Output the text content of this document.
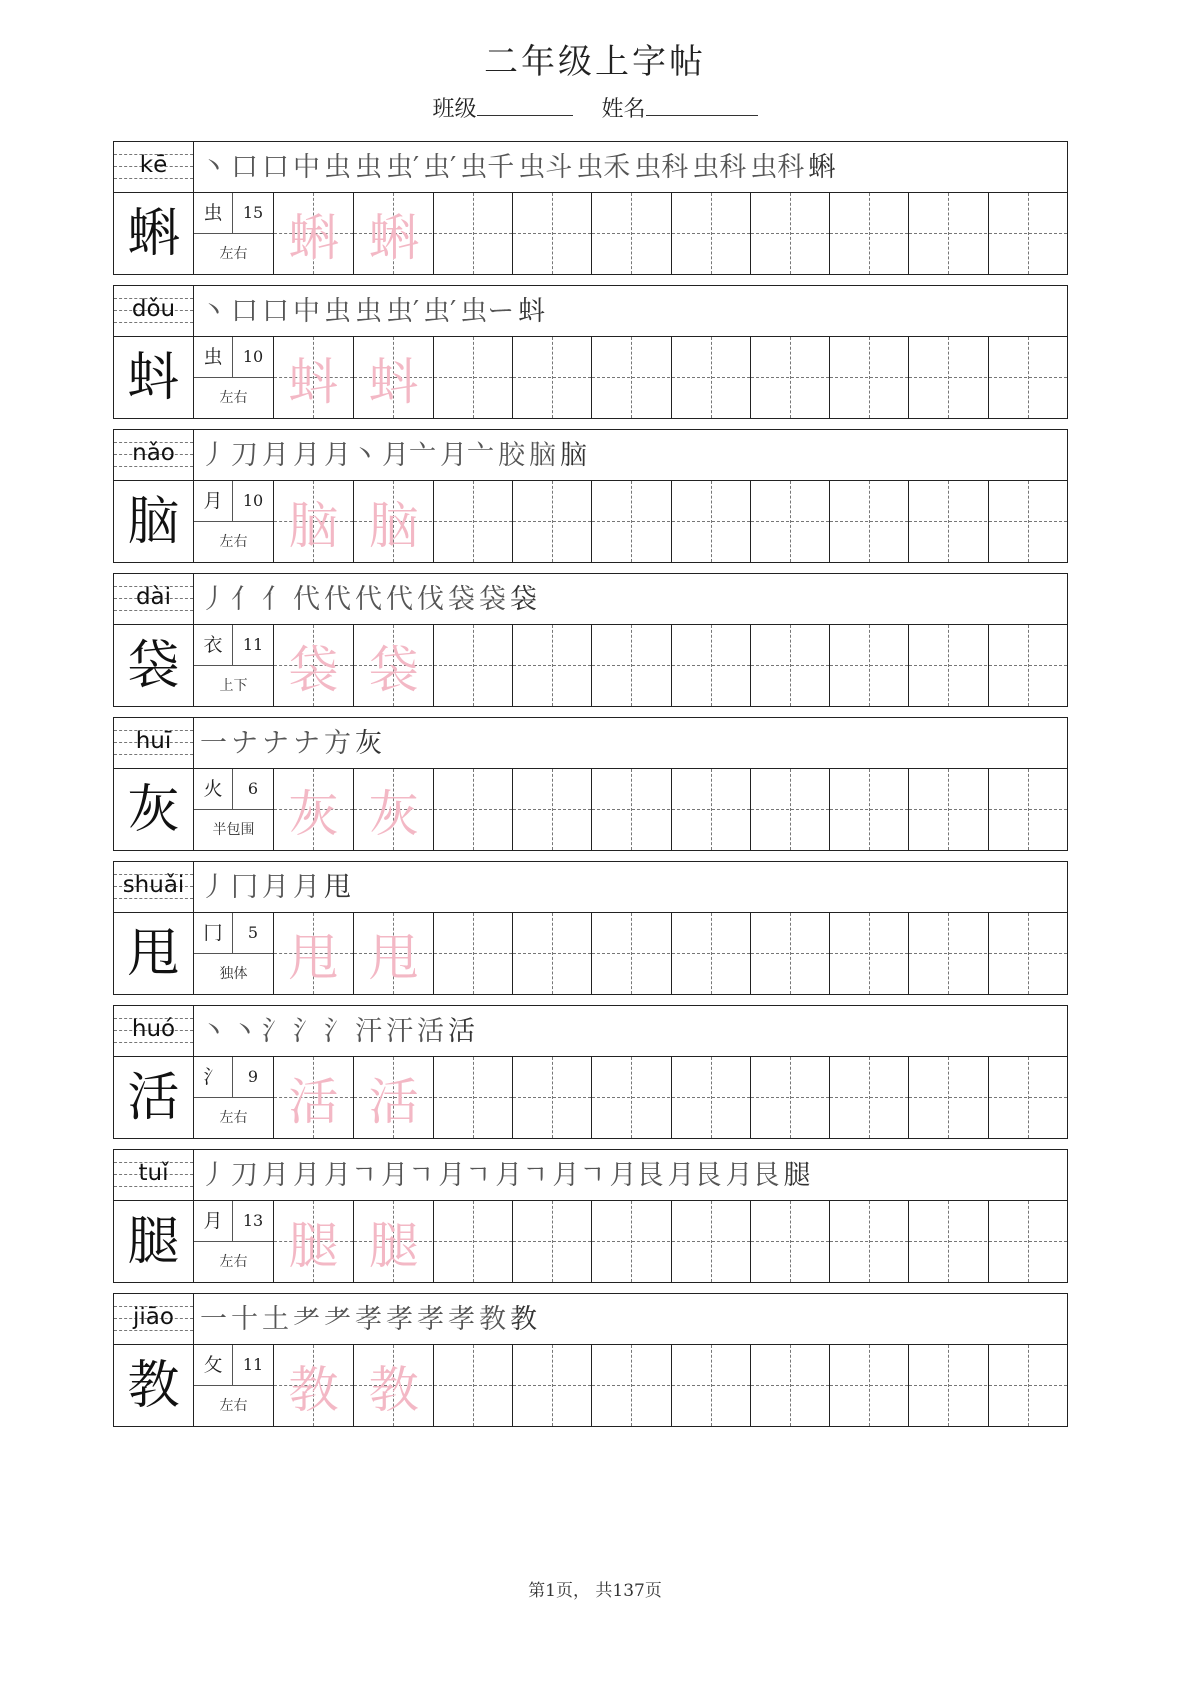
二年级上字帖
班级	姓名
kē	丶 口 口 中 虫 虫 虫′ 虫′ 虫千 虫斗 虫禾 虫科 虫科 虫科 蝌
蝌	虫	15
左右 蝌 蝌
dǒu 丶 口 口 中 虫 虫 虫′ 虫′ 虫ー 蚪
蚪	虫	10
左右 蚪 蚪
nǎo 丿 刀 月 月 月丶 月亠 月亠 胶 脑 脑
脑	月	10
左右 脑 脑
dài	丿 亻 亻 代 代 代 代 伐 袋 袋 袋
袋	衣	11
上下 袋 袋
huī	一 ナ ナ ナ 方 灰
灰	火	6
半包围 灰 灰
shuǎi 丿 冂 月 月 甩
甩	冂	5
独体 甩 甩
huó 丶 丶 氵 氵 氵 汗 汗 活 活
活	氵	9
左右 活 活
tuǐ	丿 刀 月 月 月ㄱ 月ㄱ 月ㄱ 月ㄱ 月ㄱ 月艮 月艮 月艮 腿
腿	月	13
左右 腿 腿
jiāo 一 十 土 耂 耂 孝 孝 孝 孝 教 教
教	攵	11
左右 教 教
第1页， 共137页
